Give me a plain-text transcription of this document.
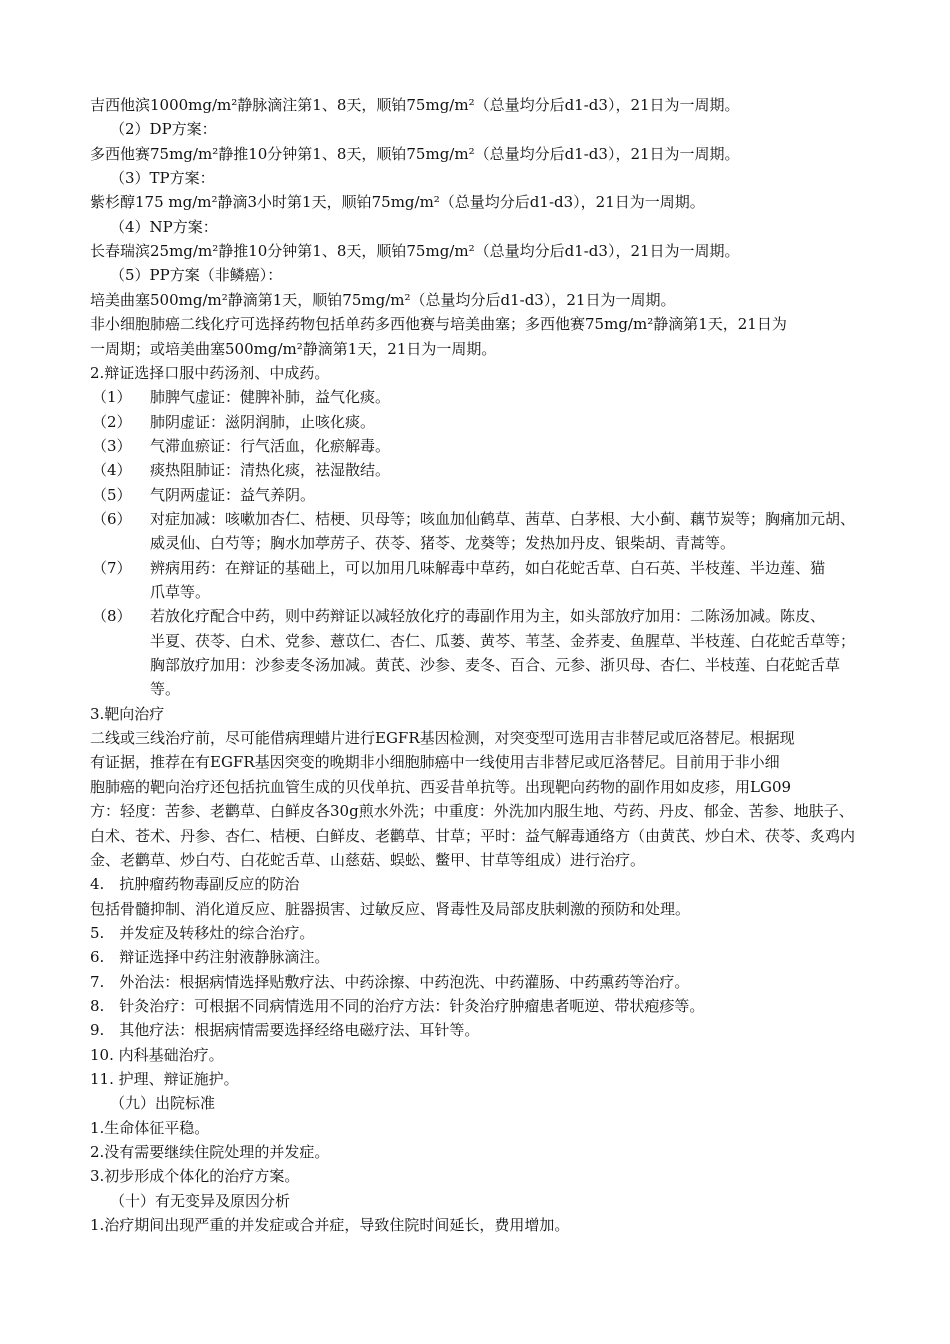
吉西他滨1000mg/m²静脉滴注第1、8天，顺铂75mg/m²（总量均分后d1-d3），21日为一周期。
（2）DP方案：
多西他赛75mg/m²静推10分钟第1、8天，顺铂75mg/m²（总量均分后d1-d3），21日为一周期。
（3）TP方案：
紫杉醇175 mg/m²静滴3小时第1天，顺铂75mg/m²（总量均分后d1-d3），21日为一周期。
（4）NP方案：
长春瑞滨25mg/m²静推10分钟第1、8天，顺铂75mg/m²（总量均分后d1-d3），21日为一周期。
（5）PP方案（非鳞癌）：
培美曲塞500mg/m²静滴第1天，顺铂75mg/m²（总量均分后d1-d3），21日为一周期。
非小细胞肺癌二线化疗可选择药物包括单药多西他赛与培美曲塞；多西他赛75mg/m²静滴第1天，21日为
一周期；或培美曲塞500mg/m²静滴第1天，21日为一周期。
2.辩证选择口服中药汤剂、中成药。
（1） 肺脾气虚证：健脾补肺，益气化痰。
（2） 肺阴虚证：滋阴润肺，止咳化痰。
（3） 气滞血瘀证：行气活血，化瘀解毒。
（4） 痰热阻肺证：清热化痰，祛湿散结。
（5） 气阴两虚证：益气养阴。
（6） 对症加减：咳嗽加杏仁、桔梗、贝母等；咳血加仙鹤草、茜草、白茅根、大小蓟、藕节炭等；胸痛加元胡、
威灵仙、白芍等；胸水加葶苈子、茯苓、猪苓、龙葵等；发热加丹皮、银柴胡、青蒿等。
（7） 辨病用药：在辩证的基础上，可以加用几味解毒中草药，如白花蛇舌草、白石英、半枝莲、半边莲、猫
爪草等。
（8） 若放化疗配合中药，则中药辩证以减轻放化疗的毒副作用为主，如头部放疗加用：二陈汤加减。陈皮、
半夏、茯苓、白术、党参、薏苡仁、杏仁、瓜蒌、黄芩、苇茎、金荞麦、鱼腥草、半枝莲、白花蛇舌草等；
胸部放疗加用：沙参麦冬汤加减。黄芪、沙参、麦冬、百合、元参、浙贝母、杏仁、半枝莲、白花蛇舌草
等。
3.靶向治疗
二线或三线治疗前，尽可能借病理蜡片进行EGFR基因检测，对突变型可选用吉非替尼或厄洛替尼。根据现
有证据，推荐在有EGFR基因突变的晚期非小细胞肺癌中一线使用吉非替尼或厄洛替尼。目前用于非小细
胞肺癌的靶向治疗还包括抗血管生成的贝伐单抗、西妥昔单抗等。出现靶向药物的副作用如皮疹，用LG09
方：轻度：苦参、老鹳草、白鲜皮各30g煎水外洗；中重度：外洗加内服生地、芍药、丹皮、郁金、苦参、地肤子、
白术、苍术、丹参、杏仁、桔梗、白鲜皮、老鹳草、甘草；平时：益气解毒通络方（由黄芪、炒白术、茯苓、炙鸡内
金、老鹳草、炒白芍、白花蛇舌草、山慈菇、蜈蚣、鳖甲、甘草等组成）进行治疗。
4.　抗肿瘤药物毒副反应的防治
包括骨髓抑制、消化道反应、脏器损害、过敏反应、肾毒性及局部皮肤刺激的预防和处理。
5.　并发症及转移灶的综合治疗。
6.　辩证选择中药注射液静脉滴注。
7.　外治法：根据病情选择贴敷疗法、中药涂擦、中药泡洗、中药灌肠、中药熏药等治疗。
8.　针灸治疗：可根据不同病情选用不同的治疗方法：针灸治疗肿瘤患者呃逆、带状疱疹等。
9.　其他疗法：根据病情需要选择经络电磁疗法、耳针等。
10. 内科基础治疗。
11. 护理、辩证施护。
（九）出院标准
1.生命体征平稳。
2.没有需要继续住院处理的并发症。
3.初步形成个体化的治疗方案。
（十）有无变异及原因分析
1.治疗期间出现严重的并发症或合并症，导致住院时间延长，费用增加。
